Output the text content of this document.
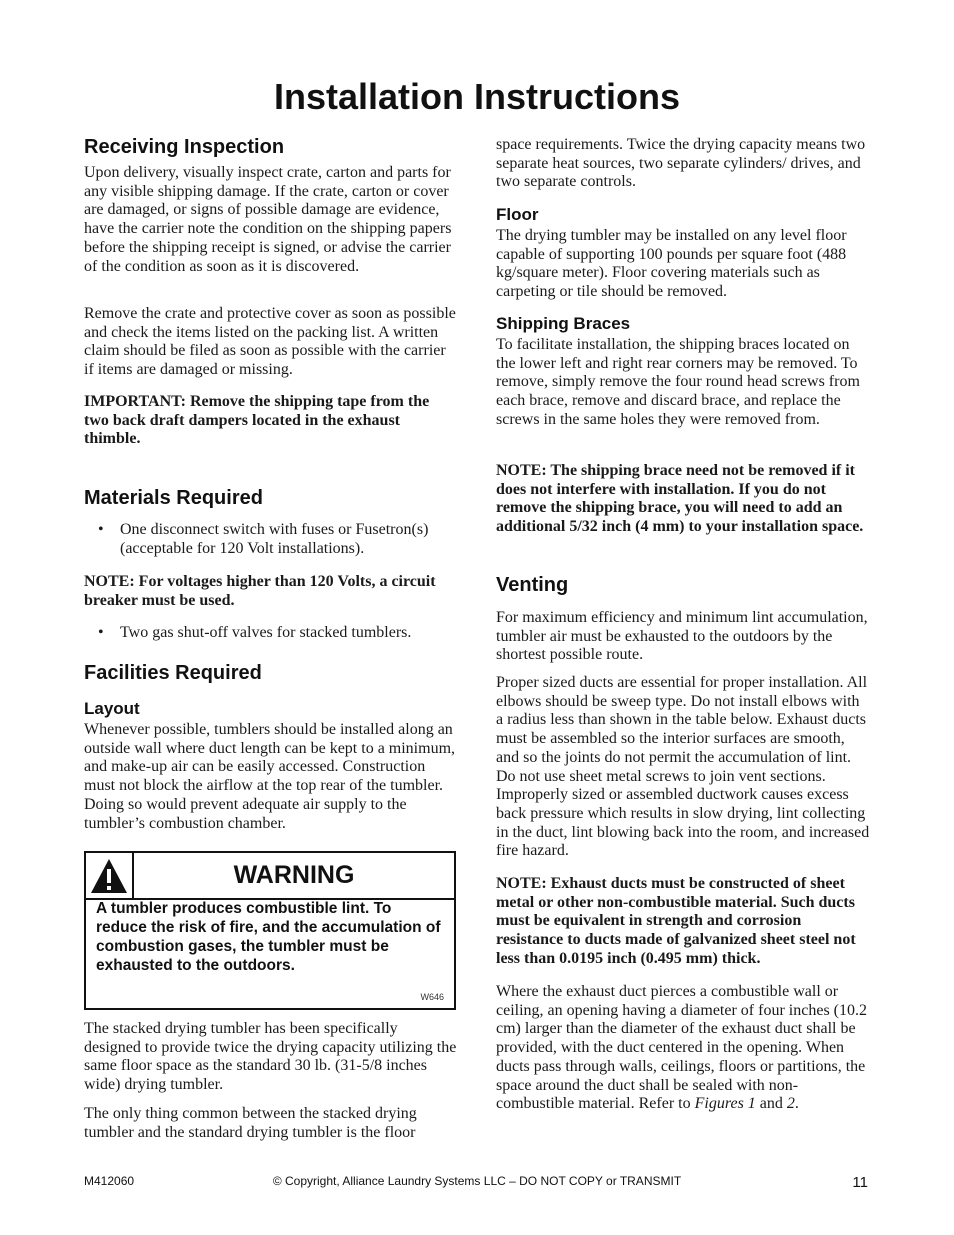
Installation Instructions
Receiving Inspection

Upon delivery, visually inspect crate, carton and parts for any visible shipping damage. If the crate, carton or cover are damaged, or signs of possible damage are evidence, have the carrier note the condition on the shipping papers before the shipping receipt is signed, or advise the carrier of the condition as soon as it is discovered.

Remove the crate and protective cover as soon as possible and check the items listed on the packing list. A written claim should be filed as soon as possible with the carrier if items are damaged or missing.

IMPORTANT: Remove the shipping tape from the two back draft dampers located in the exhaust thimble.

Materials Required
• One disconnect switch with fuses or Fusetron(s) (acceptable for 120 Volt installations).

NOTE: For voltages higher than 120 Volts, a circuit breaker must be used.

• Two gas shut-off valves for stacked tumblers.
Facilities Required
Layout

Whenever possible, tumblers should be installed along an outside wall where duct length can be kept to a minimum, and make-up air can be easily accessed. Construction must not block the airflow at the top rear of the tumbler. Doing so would prevent adequate air supply to the tumbler’s combustion chamber.

The stacked drying tumbler has been specifically designed to provide twice the drying capacity utilizing the same floor space as the standard 30 lb. (31-5/8 inches wide) drying tumbler.

The only thing common between the stacked drying tumbler and the standard drying tumbler is the floor

WARNING
A tumbler produces combustible lint. To reduce the risk of fire, and the accumulation of combustion gases, the tumbler must be exhausted to the outdoors.
W646

space requirements. Twice the drying capacity means two separate heat sources, two separate cylinders/ drives, and two separate controls.

Floor

The drying tumbler may be installed on any level floor capable of supporting 100 pounds per square foot (488 kg/square meter). Floor covering materials such as carpeting or tile should be removed.

Shipping Braces

To facilitate installation, the shipping braces located on the lower left and right rear corners may be removed. To remove, simply remove the four round head screws from each brace, remove and discard brace, and replace the screws in the same holes they were removed from.

NOTE: The shipping brace need not be removed if it does not interfere with installation. If you do not remove the shipping brace, you will need to add an additional 5/32 inch (4 mm) to your installation space.

Venting

For maximum efficiency and minimum lint accumulation, tumbler air must be exhausted to the outdoors by the shortest possible route.

Proper sized ducts are essential for proper installation. All elbows should be sweep type. Do not install elbows with a radius less than shown in the table below. Exhaust ducts must be assembled so the interior surfaces are smooth, and so the joints do not permit the accumulation of lint. Do not use sheet metal screws to join vent sections. Improperly sized or assembled ductwork causes excess back pressure which results in slow drying, lint collecting in the duct, lint blowing back into the room, and increased fire hazard.

NOTE: Exhaust ducts must be constructed of sheet metal or other non-combustible material. Such ducts must be equivalent in strength and corrosion resistance to ducts made of galvanized sheet steel not less than 0.0195 inch (0.495 mm) thick.

Where the exhaust duct pierces a combustible wall or ceiling, an opening having a diameter of four inches (10.2 cm) larger than the diameter of the exhaust duct shall be provided, with the duct centered in the opening. When ducts pass through walls, ceilings, floors or partitions, the space around the duct shall be sealed with non-combustible material. Refer to Figures 1 and 2.

M412060	© Copyright, Alliance Laundry Systems LLC – DO NOT COPY or TRANSMIT	11
